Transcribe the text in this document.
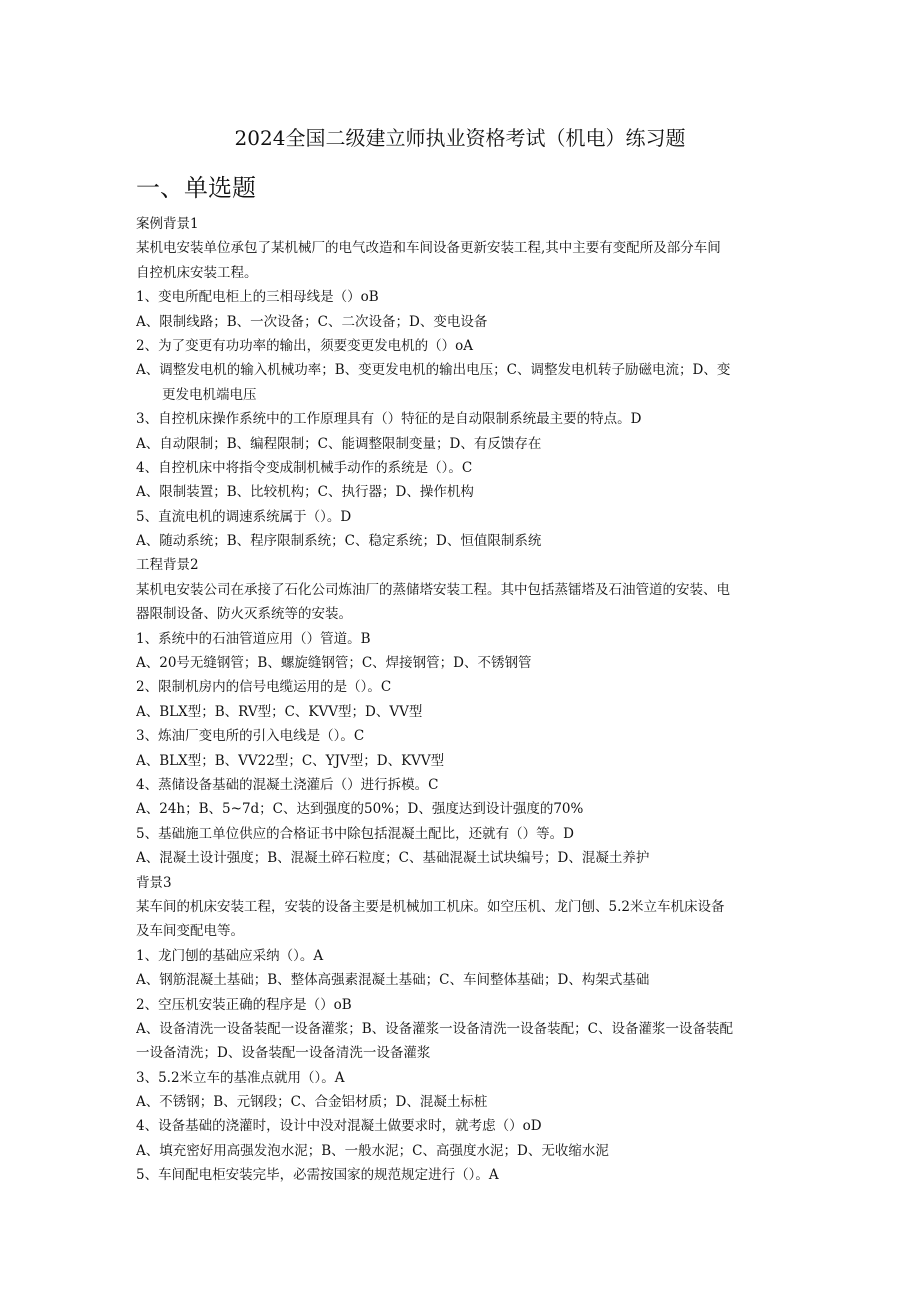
2024全国二级建立师执业资格考试（机电）练习题
一、单选题
案例背景1
某机电安装单位承包了某机械厂的电气改造和车间设备更新安装工程,其中主要有变配所及部分车间
自控机床安装工程。
1、变电所配电柜上的三相母线是（）oB
A、限制线路；B、一次设备；C、二次设备；D、变电设备
2、为了变更有功功率的输出，须要变更发电机的（）oA
A、调整发电机的输入机械功率；B、变更发电机的输出电压；C、调整发电机转子励磁电流；D、变
更发电机端电压
3、自控机床操作系统中的工作原理具有（）特征的是自动限制系统最主要的特点。D
A、自动限制；B、编程限制；C、能调整限制变量；D、有反馈存在
4、自控机床中将指令变成制机械手动作的系统是（）。C
A、限制装置；B、比较机构；C、执行器；D、操作机构
5、直流电机的调速系统属于（）。D
A、随动系统；B、程序限制系统；C、稳定系统；D、恒值限制系统
工程背景2
某机电安装公司在承接了石化公司炼油厂的蒸储塔安装工程。其中包括蒸镭塔及石油管道的安装、电
器限制设备、防火灭系统等的安装。
1、系统中的石油管道应用（）管道。B
A、20号无缝钢管；B、螺旋缝钢管；C、焊接钢管；D、不锈钢管
2、限制机房内的信号电缆运用的是（）。C
A、BLX型；B、RV型；C、KVV型；D、VV型
3、炼油厂变电所的引入电线是（）。C
A、BLX型；B、VV22型；C、YJV型；D、KVV型
4、蒸储设备基础的混凝土浇灌后（）进行拆模。C
A、24h；B、5~7d；C、达到强度的50%；D、强度达到设计强度的70%
5、基础施工单位供应的合格证书中除包括混凝土配比，还就有（）等。D
A、混凝土设计强度；B、混凝土碎石粒度；C、基础混凝土试块编号；D、混凝土养护
背景3
某车间的机床安装工程，安装的设备主要是机械加工机床。如空压机、龙门刨、5.2米立车机床设备
及车间变配电等。
1、龙门刨的基础应采纳（）。A
A、钢筋混凝土基础；B、整体高强素混凝土基础；C、车间整体基础；D、构架式基础
2、空压机安装正确的程序是（）oB
A、设备清洗一设备装配一设备灌浆；B、设备灌浆一设备清洗一设备装配；C、设备灌浆一设备装配
一设备清洗；D、设备装配一设备清洗一设备灌浆
3、5.2米立车的基准点就用（）。A
A、不锈钢；B、元钢段；C、合金铝材质；D、混凝土标桩
4、设备基础的浇灌时，设计中没对混凝土做要求时，就考虑（）oD
A、填充密好用高强发泡水泥；B、一般水泥；C、高强度水泥；D、无收缩水泥
5、车间配电柜安装完毕，必需按国家的规范规定进行（）。A
